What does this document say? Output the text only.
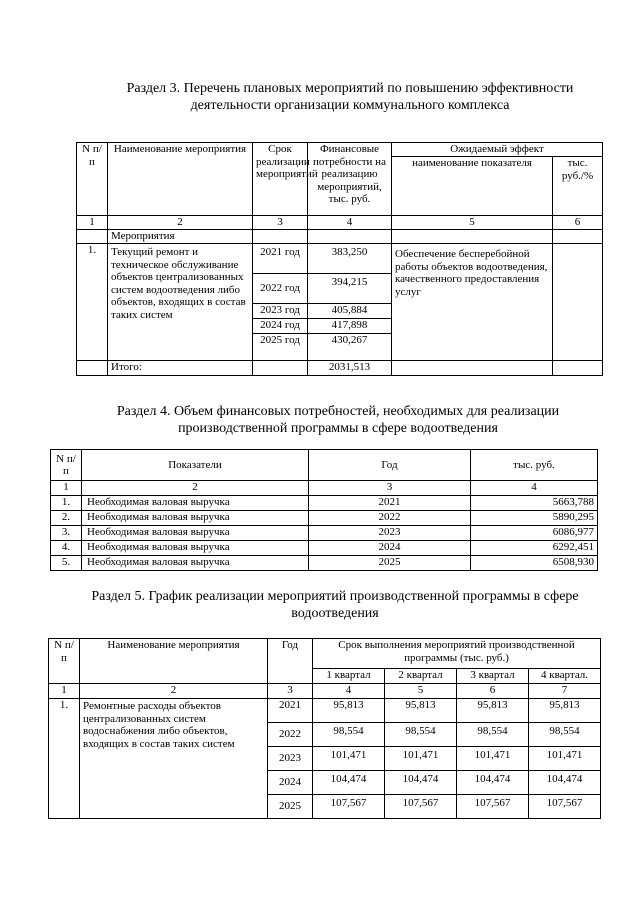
Раздел 3. Перечень плановых мероприятий по повышению эффективности
деятельности организации коммунального комплекса
N п/п	Наименование мероприятия	Срок реализации мероприятий	Финансовые потребности на реализацию мероприятий, тыс. руб.	Ожидаемый эффект	
				наименование показателя	тыс. руб./%
1	2	3	4	5	6
	Мероприятия				
1.	Текущий ремонт и техническое обслуживание объектов централизованных систем водоотведения либо объектов, входящих в состав таких систем	2021 год	383,250	Обеспечение бесперебойной работы объектов водоотведения, качественного предоставления услуг	
		2022 год	394,215		
		2023 год	405,884		
		2024 год	417,898		
		2025 год	430,267		
	Итого:		2031,513		
Раздел 4. Объем финансовых потребностей, необходимых для реализации
производственной программы в сфере водоотведения
N п/п	Показатели	Год	тыс. руб.
1	2	3	4
1.	Необходимая валовая выручка	2021	5663,788
2.	Необходимая валовая выручка	2022	5890,295
3.	Необходимая валовая выручка	2023	6086,977
4.	Необходимая валовая выручка	2024	6292,451
5.	Необходимая валовая выручка	2025	6508,930
Раздел 5. График реализации мероприятий производственной программы в сфере
водоотведения
N п/ п	Наименование мероприятия	Год	Срок выполнения мероприятий производственной программы (тыс. руб.)			
			1 квартал	2 квартал	3 квартал	4 квартал.
1	2	3	4	5	6	7
1.	Ремонтные расходы объектов централизованных систем водоснабжения либо объектов, входящих в состав таких систем	2021	95,813	95,813	95,813	95,813
		2022	98,554	98,554	98,554	98,554
		2023	101,471	101,471	101,471	101,471
		2024	104,474	104,474	104,474	104,474
		2025	107,567	107,567	107,567	107,567
